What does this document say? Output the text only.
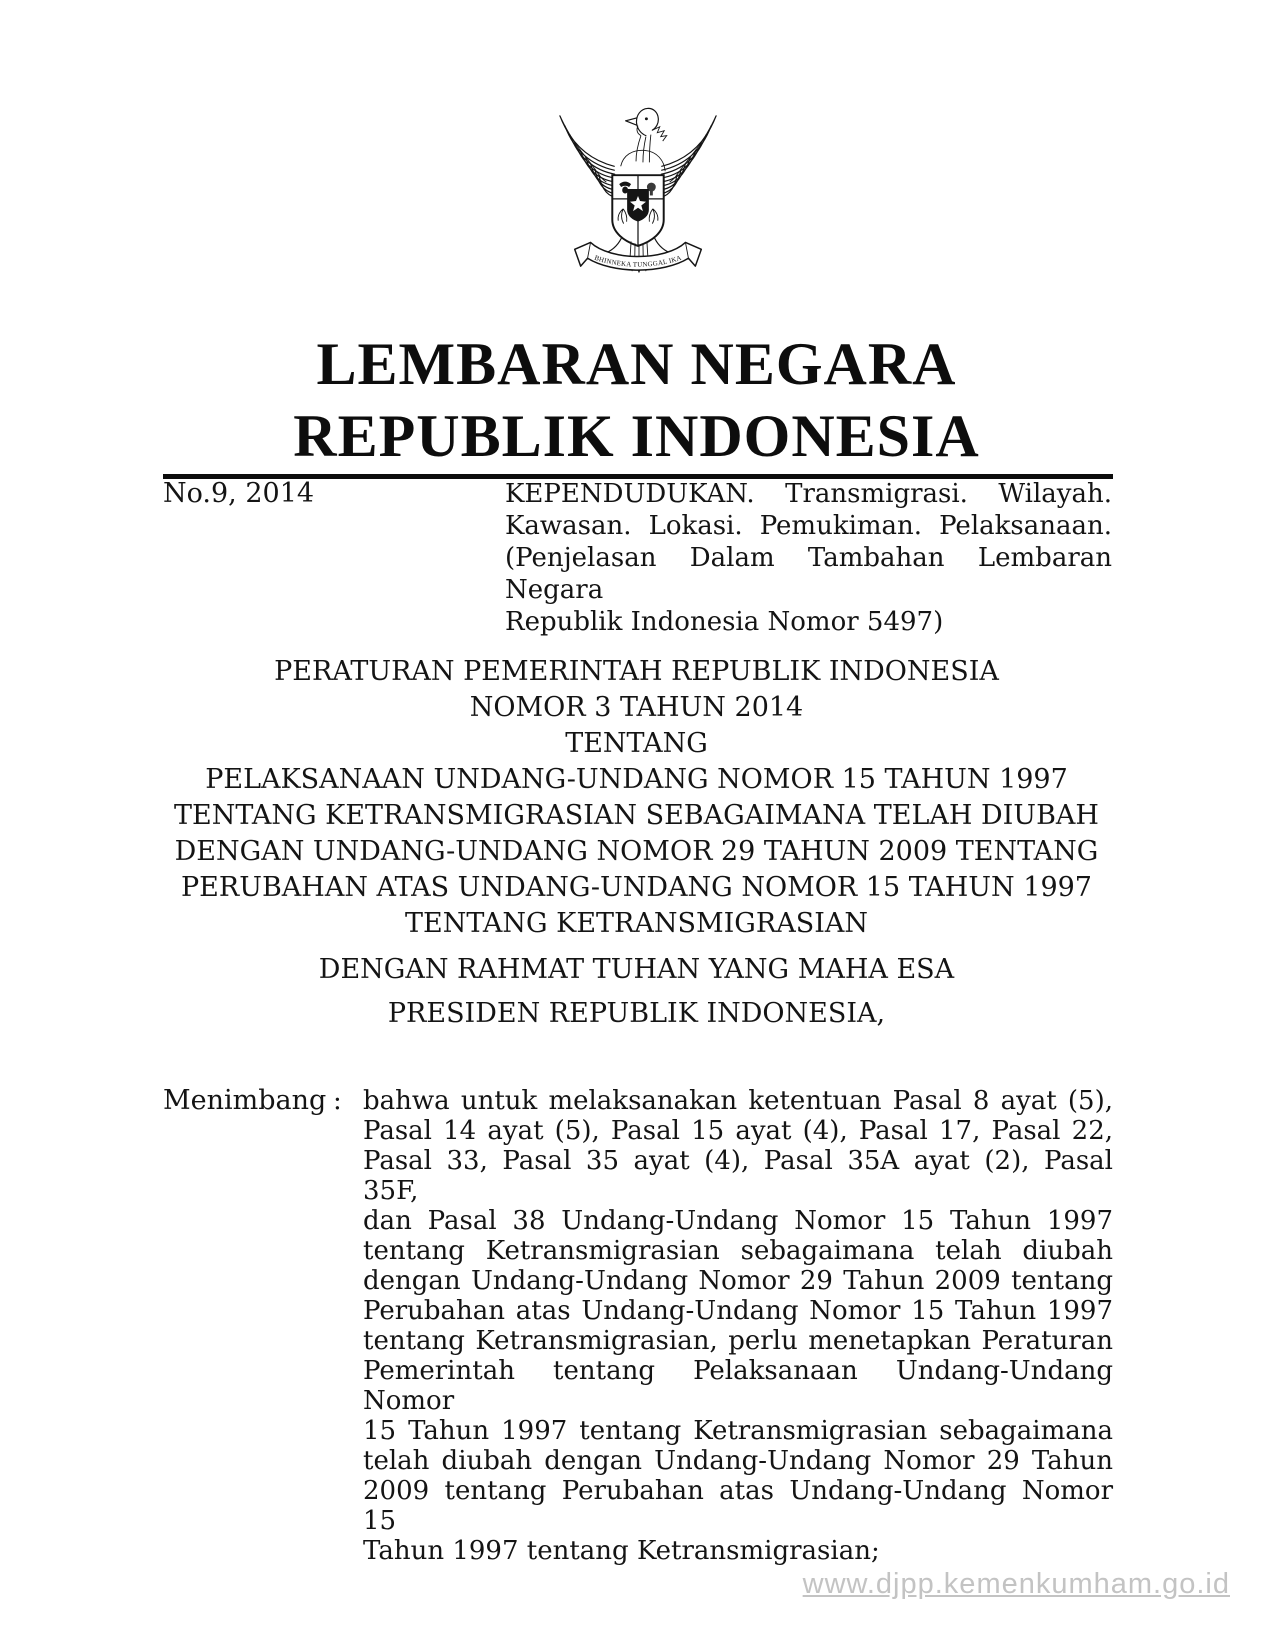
BHINNEKA TUNGGAL IKA
LEMBARAN NEGARA
REPUBLIK INDONESIA
No.9, 2014	KEPENDUDUKAN. Transmigrasi. Wilayah.
Kawasan. Lokasi. Pemukiman. Pelaksanaan.
(Penjelasan Dalam Tambahan Lembaran Negara
Republik Indonesia Nomor 5497)
PERATURAN PEMERINTAH REPUBLIK INDONESIA
NOMOR 3 TAHUN 2014
TENTANG
PELAKSANAAN UNDANG-UNDANG NOMOR 15 TAHUN 1997
TENTANG KETRANSMIGRASIAN SEBAGAIMANA TELAH DIUBAH
DENGAN UNDANG-UNDANG NOMOR 29 TAHUN 2009 TENTANG
PERUBAHAN ATAS UNDANG-UNDANG NOMOR 15 TAHUN 1997
TENTANG KETRANSMIGRASIAN
DENGAN RAHMAT TUHAN YANG MAHA ESA
PRESIDEN REPUBLIK INDONESIA,
Menimbang : bahwa untuk melaksanakan ketentuan Pasal 8 ayat (5),
Pasal 14 ayat (5), Pasal 15 ayat (4), Pasal 17, Pasal 22,
Pasal 33, Pasal 35 ayat (4), Pasal 35A ayat (2), Pasal 35F,
dan Pasal 38 Undang-Undang Nomor 15 Tahun 1997
tentang Ketransmigrasian sebagaimana telah diubah
dengan Undang-Undang Nomor 29 Tahun 2009 tentang
Perubahan atas Undang-Undang Nomor 15 Tahun 1997
tentang Ketransmigrasian, perlu menetapkan Peraturan
Pemerintah tentang Pelaksanaan Undang-Undang Nomor
15 Tahun 1997 tentang Ketransmigrasian sebagaimana
telah diubah dengan Undang-Undang Nomor 29 Tahun
2009 tentang Perubahan atas Undang-Undang Nomor 15
Tahun 1997 tentang Ketransmigrasian;
www.djpp.kemenkumham.go.id
